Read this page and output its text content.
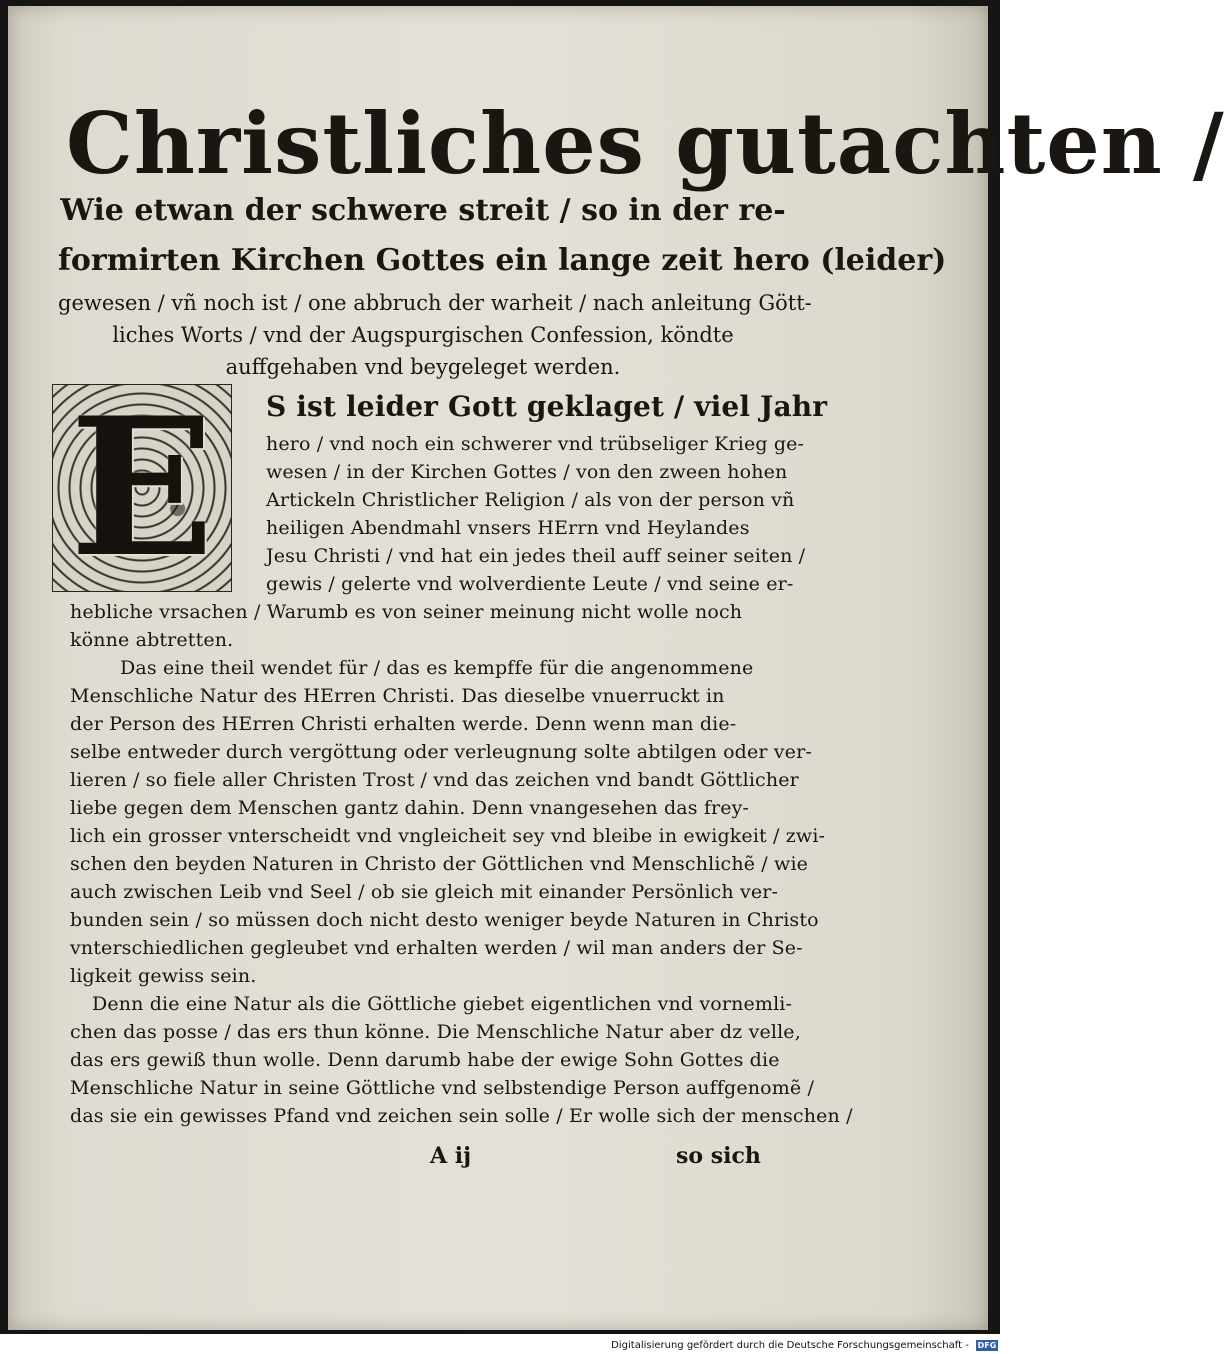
Christliches gutachten /
Wie etwan der schwere streit / so in der re-
formirten Kirchen Gottes ein lange zeit hero (leider)
gewesen / vñ noch ist / one abbruch der warheit / nach anleitung Gött-
liches Worts / vnd der Augspurgischen Confession, köndte
auffgehaben vnd beygeleget werden.
E	S ist leider Gott geklaget / viel Jahr
hero / vnd noch ein schwerer vnd trübseliger Krieg ge-
wesen / in der Kirchen Gottes / von den zween hohen
Artickeln Christlicher Religion / als von der person vñ
heiligen Abendmahl vnsers HErrn vnd Heylandes
Jesu Christi / vnd hat ein jedes theil auff seiner seiten /
gewis / gelerte vnd wolverdiente Leute / vnd seine er-
hebliche vrsachen / Warumb es von seiner meinung nicht wolle noch
könne abtretten.
Das eine theil wendet für / das es kempffe für die angenommene
Menschliche Natur des HErren Christi. Das dieselbe vnuerruckt in
der Person des HErren Christi erhalten werde. Denn wenn man die-
selbe entweder durch vergöttung oder verleugnung solte abtilgen oder ver-
lieren / so fiele aller Christen Trost / vnd das zeichen vnd bandt Göttlicher
liebe gegen dem Menschen gantz dahin. Denn vnangesehen das frey-
lich ein grosser vnterscheidt vnd vngleicheit sey vnd bleibe in ewigkeit / zwi-
schen den beyden Naturen in Christo der Göttlichen vnd Menschlichẽ / wie
auch zwischen Leib vnd Seel / ob sie gleich mit einander Persönlich ver-
bunden sein / so müssen doch nicht desto weniger beyde Naturen in Christo
vnterschiedlichen gegleubet vnd erhalten werden / wil man anders der Se-
ligkeit gewiss sein.
Denn die eine Natur als die Göttliche giebet eigentlichen vnd vornemli-
chen das posse / das ers thun könne. Die Menschliche Natur aber dz velle,
das ers gewiß thun wolle. Denn darumb habe der ewige Sohn Gottes die
Menschliche Natur in seine Göttliche vnd selbstendige Person auffgenomẽ /
das sie ein gewisses Pfand vnd zeichen sein solle / Er wolle sich der menschen /
A ij	so sich
Digitalisierung gefördert durch die Deutsche Forschungsgemeinschaft - DFG
